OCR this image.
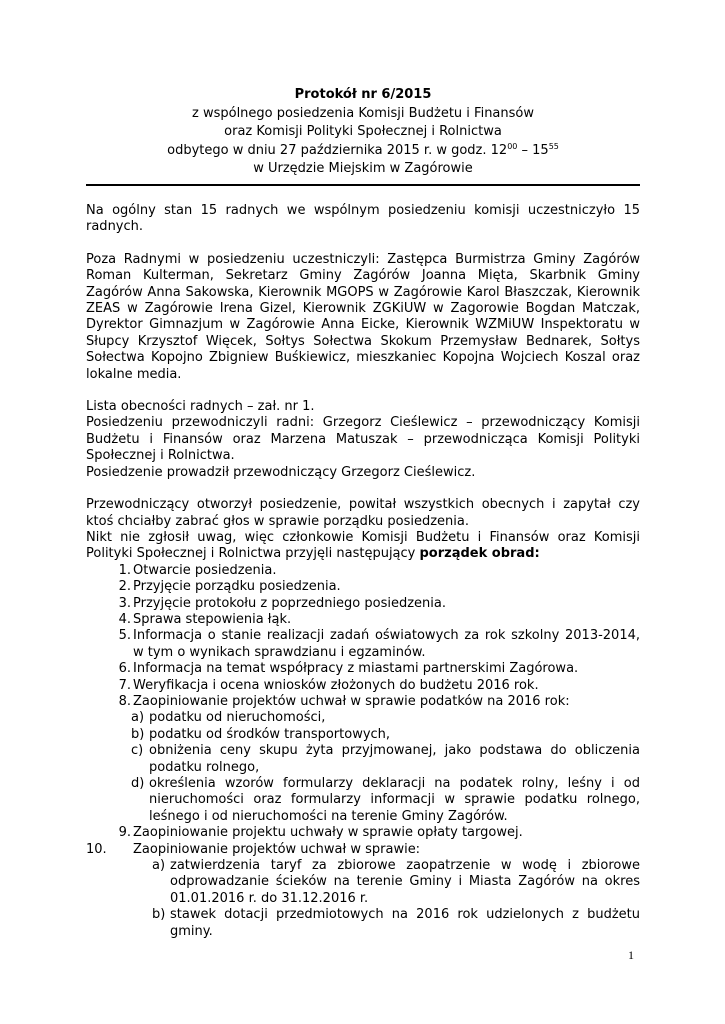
Protokół nr 6/2015
z wspólnego posiedzenia Komisji Budżetu i Finansów
oraz Komisji Polityki Społecznej i Rolnictwa
odbytego w dniu 27 października 2015 r. w godz. $12^{00} - 15^{55}$
w Urzędzie Miejskim w Zagórowie

Na ogólny stan 15 radnych we wspólnym posiedzeniu komisji uczestniczyło 15 radnych.

Poza Radnymi w posiedzeniu uczestniczyli: Zastępca Burmistrza Gminy Zagórów Roman Kulterman, Sekretarz Gminy Zagórów Joanna Mięta, Skarbnik Gminy Zagórów Anna Sakowska, Kierownik MGOPS w Zagórowie Karol Błaszczak, Kierownik ZEAS w Zagórowie Irena Gizel, Kierownik ZGKiUW w Zagorowie Bogdan Matczak, Dyrektor Gimnazjum w Zagórowie Anna Eicke, Kierownik WZMiUW Inspektoratu w Słupcy Krzysztof Więcek, Sołtys Sołectwa Skokum Przemysław Bednarek, Sołtys Sołectwa Kopojno Zbigniew Buśkiewicz, mieszkaniec Kopojna Wojciech Koszal oraz lokalne media.

Lista obecności radnych – zał. nr 1.

Posiedzeniu przewodniczyli radni: Grzegorz Cieślewicz – przewodniczący Komisji Budżetu i Finansów oraz Marzena Matuszak – przewodnicząca Komisji Polityki Społecznej i Rolnictwa.

Posiedzenie prowadził przewodniczący Grzegorz Cieślewicz.

Przewodniczący otworzył posiedzenie, powitał wszystkich obecnych i zapytał czy ktoś chciałby zabrać głos w sprawie porządku posiedzenia.

Nikt nie zgłosił uwag, więc członkowie Komisji Budżetu i Finansów oraz Komisji Polityki Społecznej i Rolnictwa przyjęli następujący porządek obrad:

1. Otwarcie posiedzenia.
2. Przyjęcie porządku posiedzenia.
3. Przyjęcie protokołu z poprzedniego posiedzenia.
4. Sprawa stepowienia łąk.
5. Informacja o stanie realizacji zadań oświatowych za rok szkolny 2013-2014, w tym o wynikach sprawdzianu i egzaminów.
6. Informacja na temat współpracy z miastami partnerskimi Zagórowa.
7. Weryfikacja i ocena wniosków złożonych do budżetu 2016 rok.
8. Zaopiniowanie projektów uchwał w sprawie podatków na 2016 rok:
a) podatku od nieruchomości,
b) podatku od środków transportowych,
c) obniżenia ceny skupu żyta przyjmowanej, jako podstawa do obliczenia podatku rolnego,
d) określenia wzorów formularzy deklaracji na podatek rolny, leśny i od nieruchomości oraz formularzy informacji w sprawie podatku rolnego, leśnego i od nieruchomości na terenie Gminy Zagórów.
9. Zaopiniowanie projektu uchwały w sprawie opłaty targowej.
10.	Zaopiniowanie projektów uchwał w sprawie:
a) zatwierdzenia taryf za zbiorowe zaopatrzenie w wodę i zbiorowe odprowadzanie ścieków na terenie Gminy i Miasta Zagórów na okres 01.01.2016 r. do 31.12.2016 r.
b) stawek dotacji przedmiotowych na 2016 rok udzielonych z budżetu gminy.
1
